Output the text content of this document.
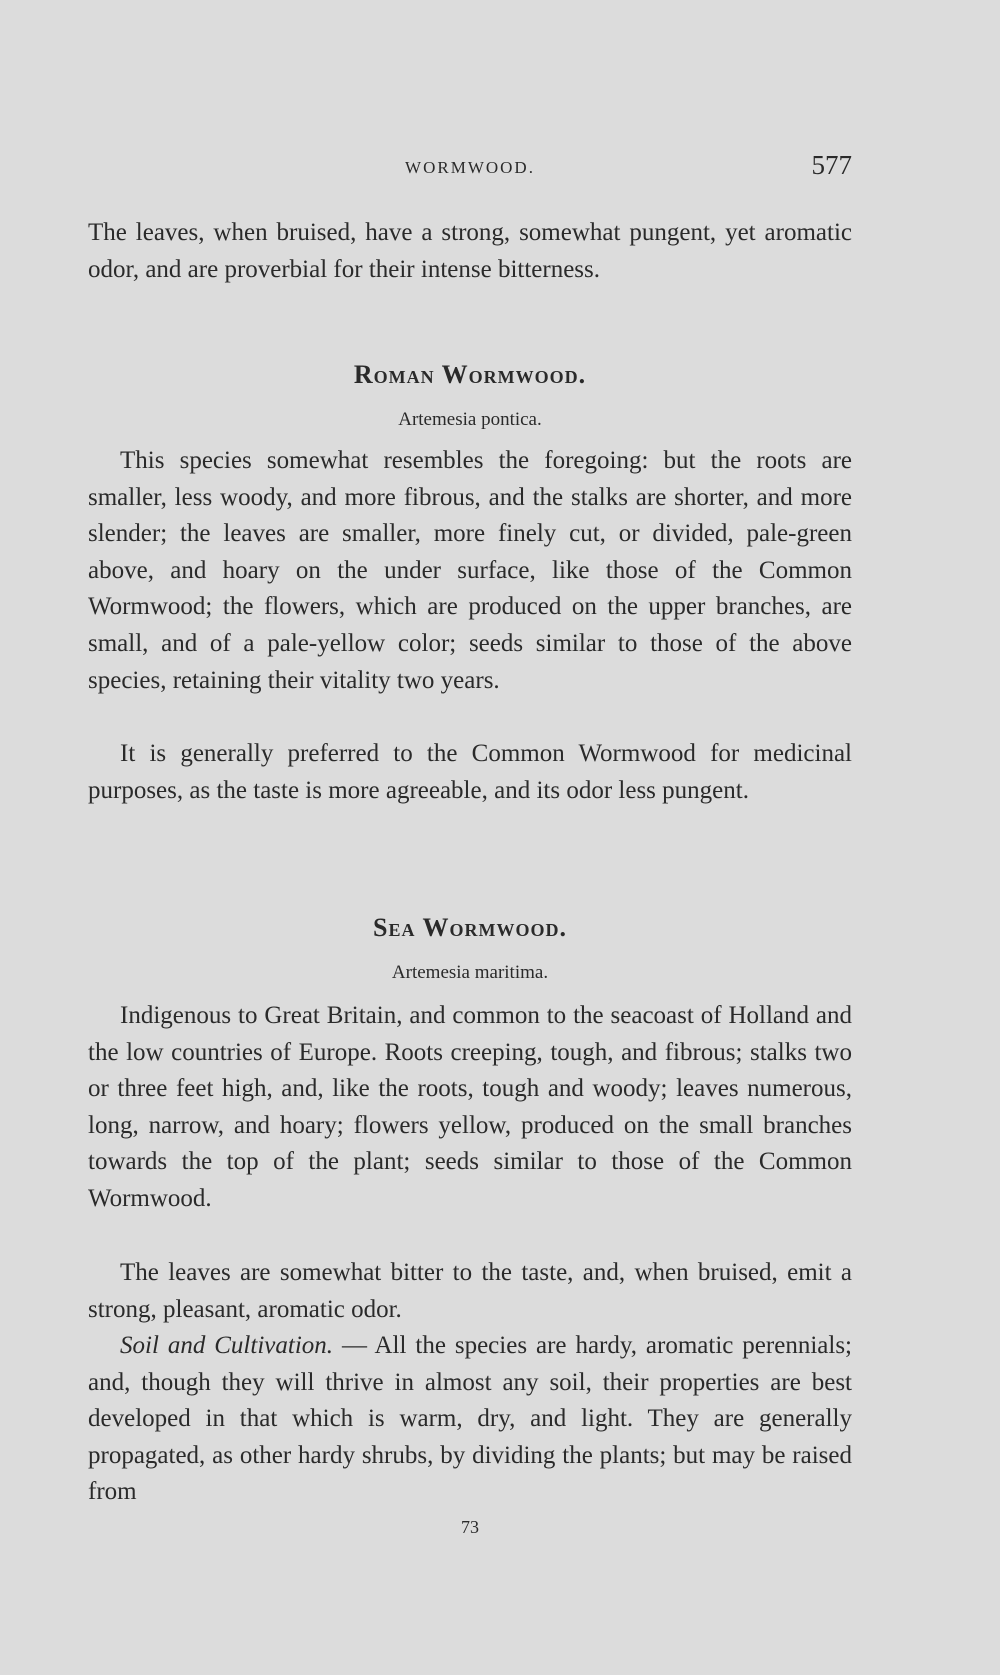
WORMWOOD.	577

The leaves, when bruised, have a strong, somewhat pungent, yet aromatic odor, and are proverbial for their intense bitterness.

Roman Wormwood.
Artemesia pontica.

This species somewhat resembles the foregoing: but the roots are smaller, less woody, and more fibrous, and the stalks are shorter, and more slender; the leaves are smaller, more finely cut, or divided, pale-green above, and hoary on the under surface, like those of the Common Wormwood; the flowers, which are produced on the upper branches, are small, and of a pale-yellow color; seeds similar to those of the above species, retaining their vitality two years.

It is generally preferred to the Common Wormwood for medicinal purposes, as the taste is more agreeable, and its odor less pungent.

Sea Wormwood.
Artemesia maritima.

Indigenous to Great Britain, and common to the seacoast of Holland and the low countries of Europe. Roots creeping, tough, and fibrous; stalks two or three feet high, and, like the roots, tough and woody; leaves numerous, long, narrow, and hoary; flowers yellow, produced on the small branches towards the top of the plant; seeds similar to those of the Common Wormwood.

The leaves are somewhat bitter to the taste, and, when bruised, emit a strong, pleasant, aromatic odor.

Soil and Cultivation. — All the species are hardy, aromatic perennials; and, though they will thrive in almost any soil, their properties are best developed in that which is warm, dry, and light. They are generally propagated, as other hardy shrubs, by dividing the plants; but may be raised from

73
